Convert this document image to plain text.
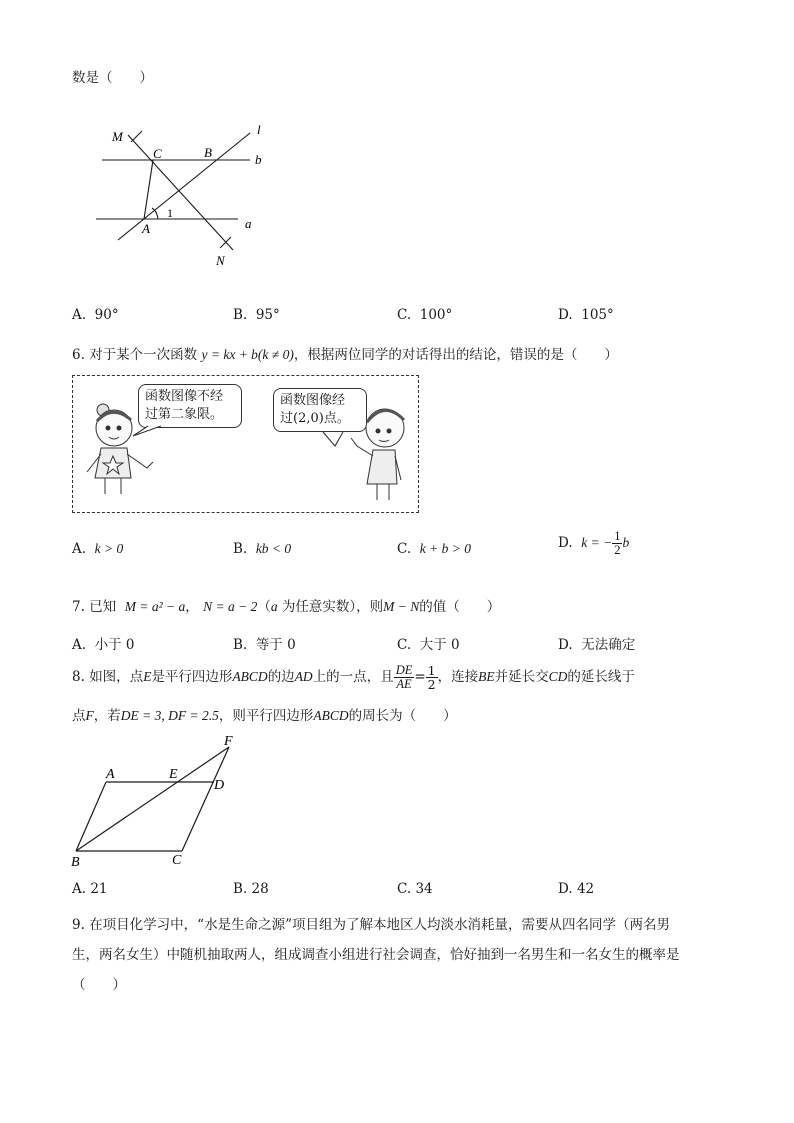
数是（　　）
M
C	B
l
b
1
A	a
N
A. 90°	B. 95°	C. 100°	D. 105°
6. 对于某个一次函数 y = kx + b(k ≠ 0)，根据两位同学的对话得出的结论，错误的是（　　）
函数图像不经
过第二象限。
函数图像经
过(2,0)点。
A. k > 0	B. kb < 0	C. k + b > 0	D. k = − $\frac{1}{2}$ b
7. 已知 M = a² − a， N = a − 2（a 为任意实数），则M − N的值（　　）
A. 小于 0	B. 等于 0	C. 大于 0	D. 无法确定
8. 如图，点E是平行四边形ABCD的边AD上的一点，且 $\frac{DE}{AE} = \frac{1}{2}$ ，连接BE并延长交CD的延长线于
点F，若DE = 3, DF = 2.5，则平行四边形ABCD的周长为（　　）
A	E
F
D
B	C
A. 21	B. 28	C. 34	D. 42
9. 在项目化学习中，“水是生命之源”项目组为了解本地区人均淡水消耗量，需要从四名同学（两名男
生，两名女生）中随机抽取两人，组成调查小组进行社会调查，恰好抽到一名男生和一名女生的概率是
（　　）
